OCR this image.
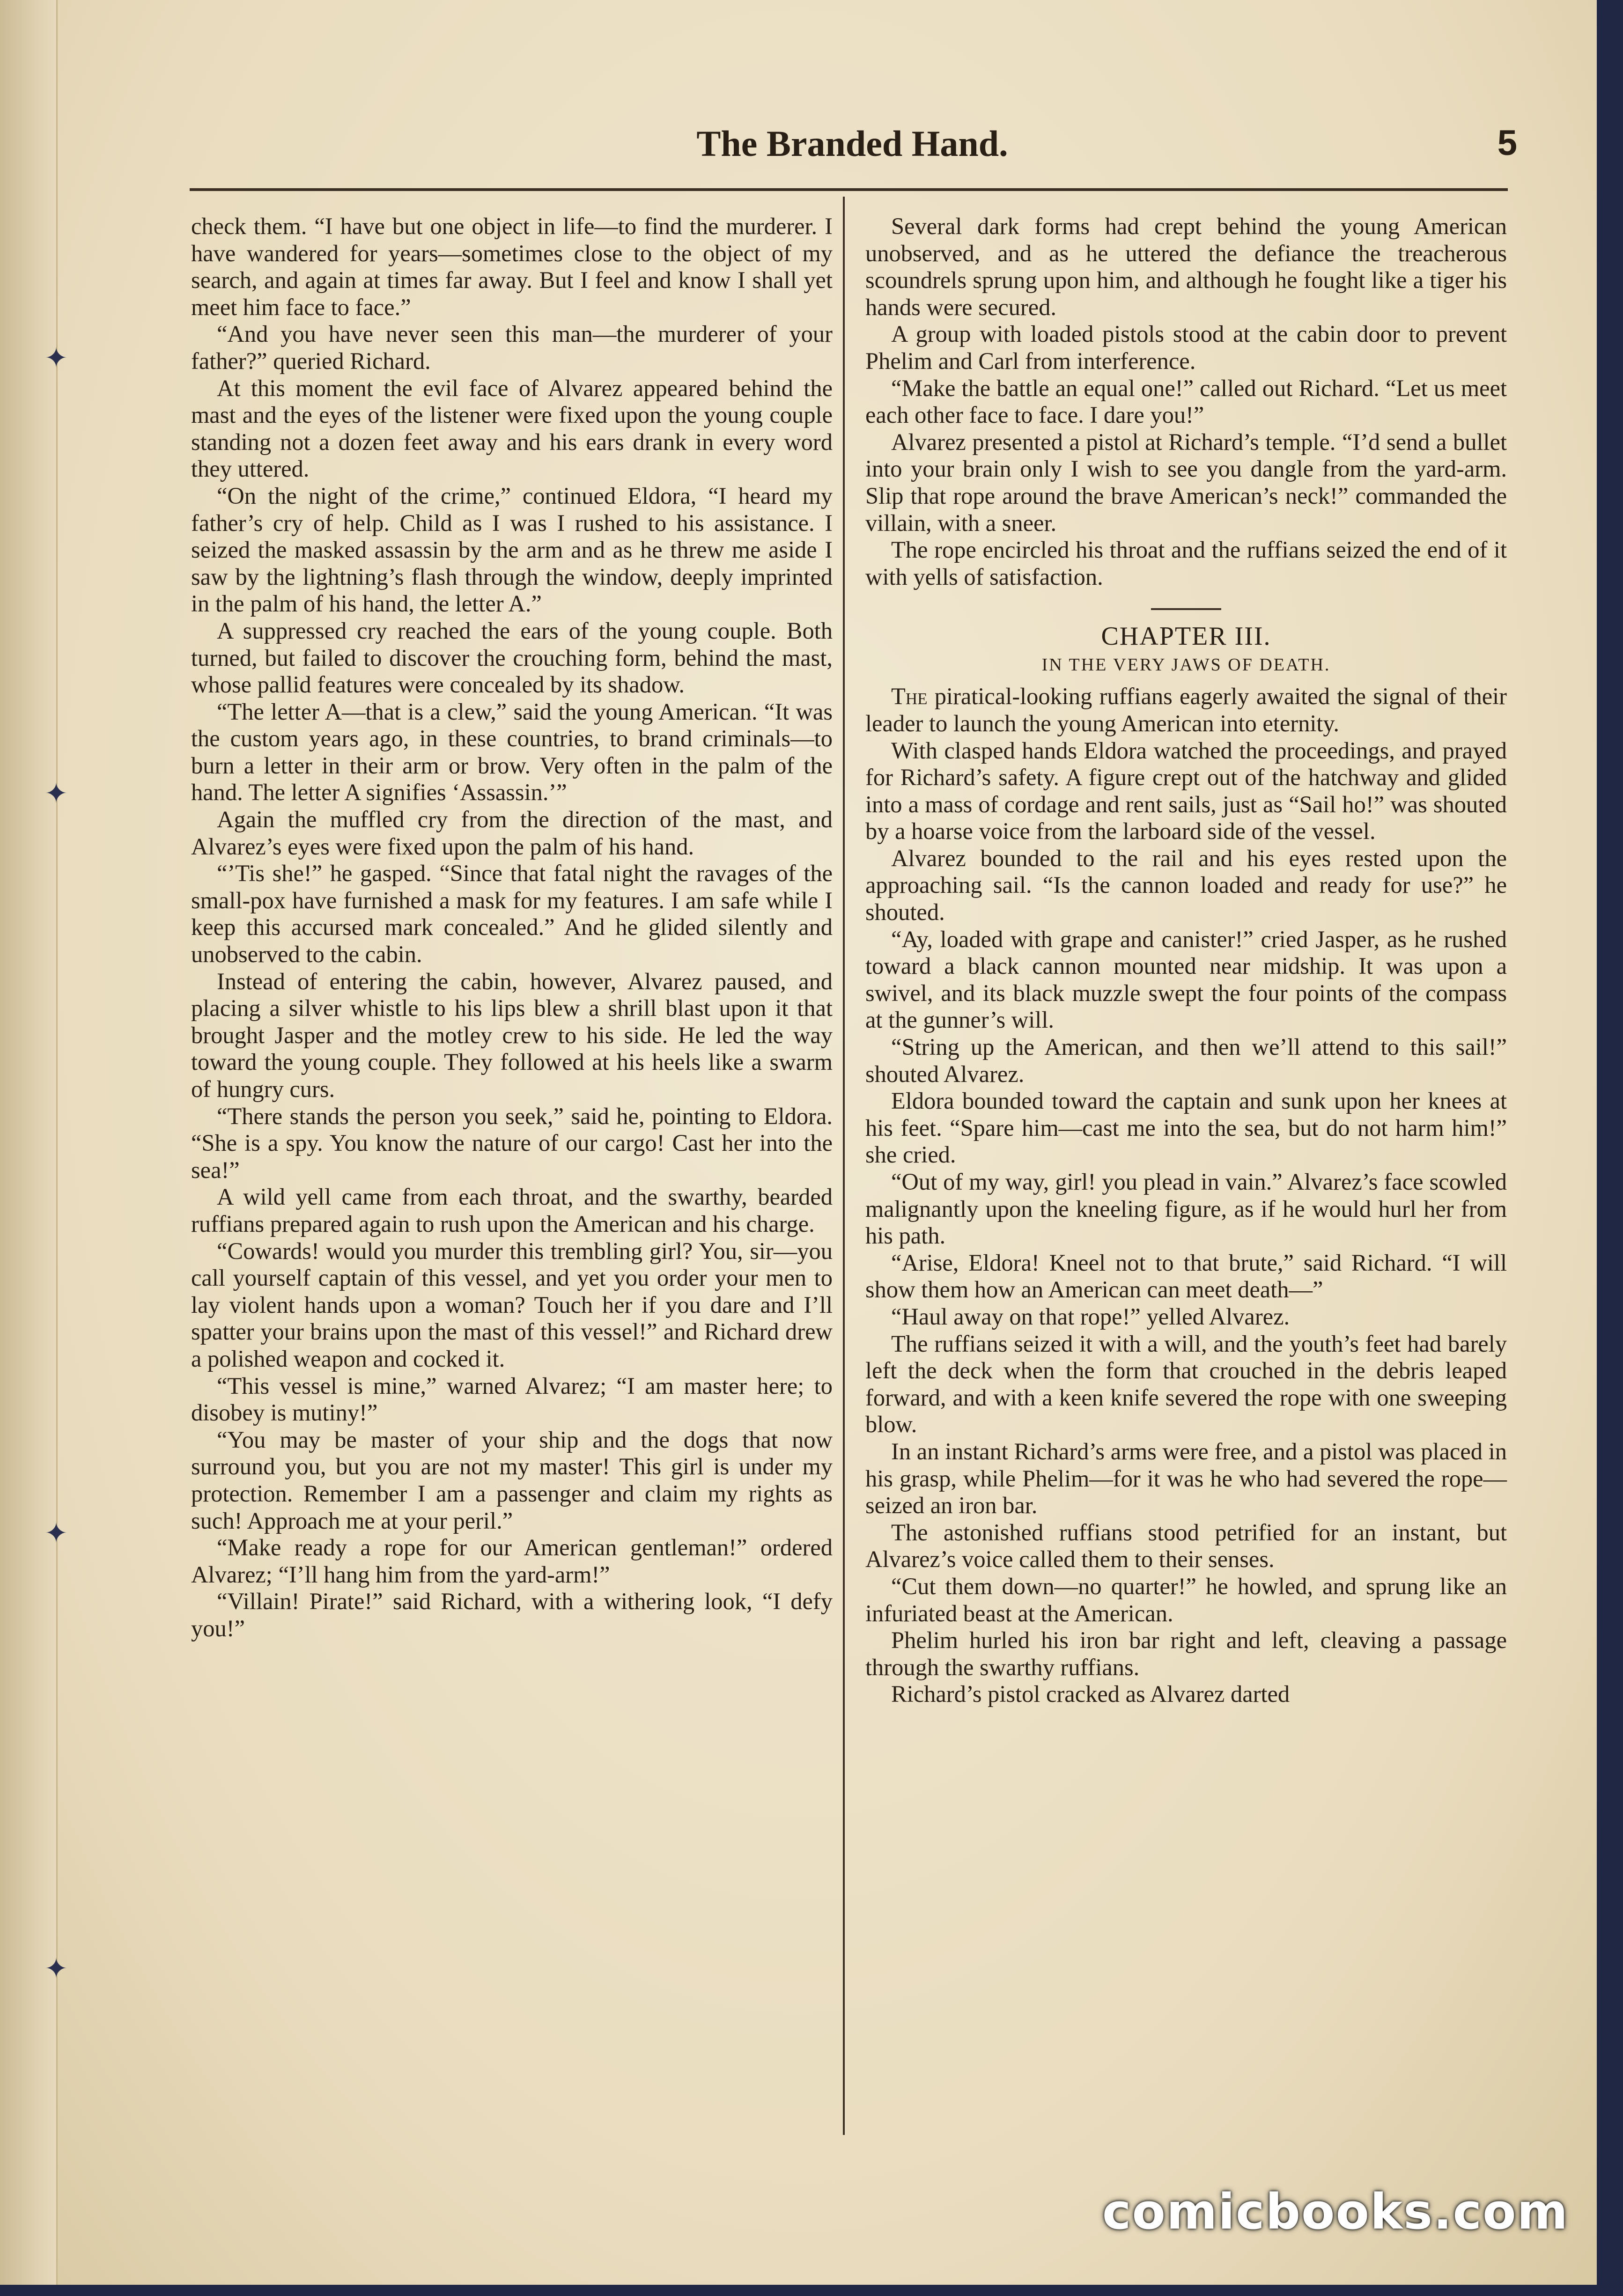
✦
✦
✦
✦
The Branded Hand.	5

check them. “I have but one object in life—to find the murderer. I have wandered for years—sometimes close to the object of my search, and again at times far away. But I feel and know I shall yet meet him face to face.”

“And you have never seen this man—the murderer of your father?” queried Richard.

At this moment the evil face of Alvarez appeared behind the mast and the eyes of the listener were fixed upon the young couple standing not a dozen feet away and his ears drank in every word they uttered.

“On the night of the crime,” continued Eldora, “I heard my father’s cry of help. Child as I was I rushed to his assistance. I seized the masked assassin by the arm and as he threw me aside I saw by the lightning’s flash through the window, deeply imprinted in the palm of his hand, the letter A.”

A suppressed cry reached the ears of the young couple. Both turned, but failed to discover the crouching form, behind the mast, whose pallid features were concealed by its shadow.

“The letter A—that is a clew,” said the young American. “It was the custom years ago, in these countries, to brand criminals—to burn a letter in their arm or brow. Very often in the palm of the hand. The letter A signifies ‘Assassin.’”

Again the muffled cry from the direction of the mast, and Alvarez’s eyes were fixed upon the palm of his hand.

“’Tis she!” he gasped. “Since that fatal night the ravages of the small-pox have furnished a mask for my features. I am safe while I keep this accursed mark concealed.” And he glided silently and unobserved to the cabin.

Instead of entering the cabin, however, Alvarez paused, and placing a silver whistle to his lips blew a shrill blast upon it that brought Jasper and the motley crew to his side. He led the way toward the young couple. They followed at his heels like a swarm of hungry curs.

“There stands the person you seek,” said he, pointing to Eldora. “She is a spy. You know the nature of our cargo! Cast her into the sea!”

A wild yell came from each throat, and the swarthy, bearded ruffians prepared again to rush upon the American and his charge.

“Cowards! would you murder this trembling girl? You, sir—you call yourself captain of this vessel, and yet you order your men to lay violent hands upon a woman? Touch her if you dare and I’ll spatter your brains upon the mast of this vessel!” and Richard drew a polished weapon and cocked it.

“This vessel is mine,” warned Alvarez; “I am master here; to disobey is mutiny!”

“You may be master of your ship and the dogs that now surround you, but you are not my master! This girl is under my protection. Remember I am a passenger and claim my rights as such! Approach me at your peril.”

“Make ready a rope for our American gentleman!” ordered Alvarez; “I’ll hang him from the yard-arm!”

“Villain! Pirate!” said Richard, with a withering look, “I defy you!”

Several dark forms had crept behind the young American unobserved, and as he uttered the defiance the treacherous scoundrels sprung upon him, and although he fought like a tiger his hands were secured.

A group with loaded pistols stood at the cabin door to prevent Phelim and Carl from interference.

“Make the battle an equal one!” called out Richard. “Let us meet each other face to face. I dare you!”

Alvarez presented a pistol at Richard’s temple. “I’d send a bullet into your brain only I wish to see you dangle from the yard-arm. Slip that rope around the brave American’s neck!” commanded the villain, with a sneer.

The rope encircled his throat and the ruffians seized the end of it with yells of satisfaction.

CHAPTER III.
IN THE VERY JAWS OF DEATH.

The piratical-looking ruffians eagerly awaited the signal of their leader to launch the young American into eternity.

With clasped hands Eldora watched the proceedings, and prayed for Richard’s safety. A figure crept out of the hatchway and glided into a mass of cordage and rent sails, just as “Sail ho!” was shouted by a hoarse voice from the larboard side of the vessel.

Alvarez bounded to the rail and his eyes rested upon the approaching sail. “Is the cannon loaded and ready for use?” he shouted.

“Ay, loaded with grape and canister!” cried Jasper, as he rushed toward a black cannon mounted near midship. It was upon a swivel, and its black muzzle swept the four points of the compass at the gunner’s will.

“String up the American, and then we’ll attend to this sail!” shouted Alvarez.

Eldora bounded toward the captain and sunk upon her knees at his feet. “Spare him—cast me into the sea, but do not harm him!” she cried.

“Out of my way, girl! you plead in vain.” Alvarez’s face scowled malignantly upon the kneeling figure, as if he would hurl her from his path.

“Arise, Eldora! Kneel not to that brute,” said Richard. “I will show them how an American can meet death—”

“Haul away on that rope!” yelled Alvarez.

The ruffians seized it with a will, and the youth’s feet had barely left the deck when the form that crouched in the debris leaped forward, and with a keen knife severed the rope with one sweeping blow.

In an instant Richard’s arms were free, and a pistol was placed in his grasp, while Phelim—for it was he who had severed the rope—seized an iron bar.

The astonished ruffians stood petrified for an instant, but Alvarez’s voice called them to their senses.

“Cut them down—no quarter!” he howled, and sprung like an infuriated beast at the American.

Phelim hurled his iron bar right and left, cleaving a passage through the swarthy ruffians.

Richard’s pistol cracked as Alvarez darted

comicbooks.com
